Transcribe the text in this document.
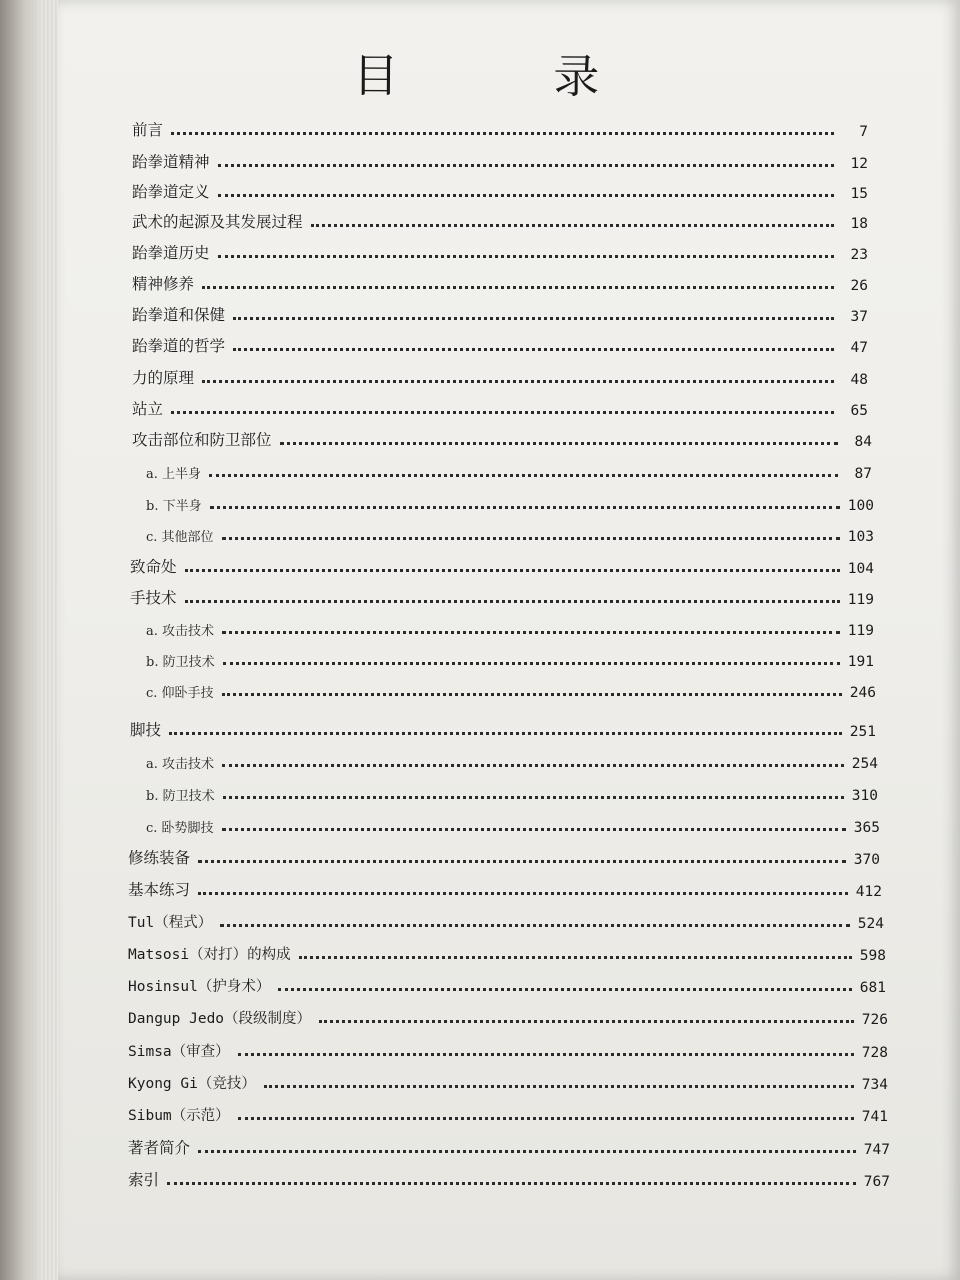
目 录
前言	7
跆拳道精神	12
跆拳道定义	15
武术的起源及其发展过程	18
跆拳道历史	23
精神修养	26
跆拳道和保健	37
跆拳道的哲学	47
力的原理	48
站立	65
攻击部位和防卫部位	84
a. 上半身	87
b. 下半身	100
c. 其他部位	103
致命处	104
手技术	119
a. 攻击技术	119
b. 防卫技术	191
c. 仰卧手技	246
脚技	251
a. 攻击技术	254
b. 防卫技术	310
c. 卧势脚技	365
修练装备	370
基本练习	412
Tul（程式）	524
Matsosi（对打）的构成	598
Hosinsul（护身术）	681
Dangup Jedo（段级制度）	726
Simsa（审查）	728
Kyong Gi（竞技）	734
Sibum（示范）	741
著者简介	747
索引	767
